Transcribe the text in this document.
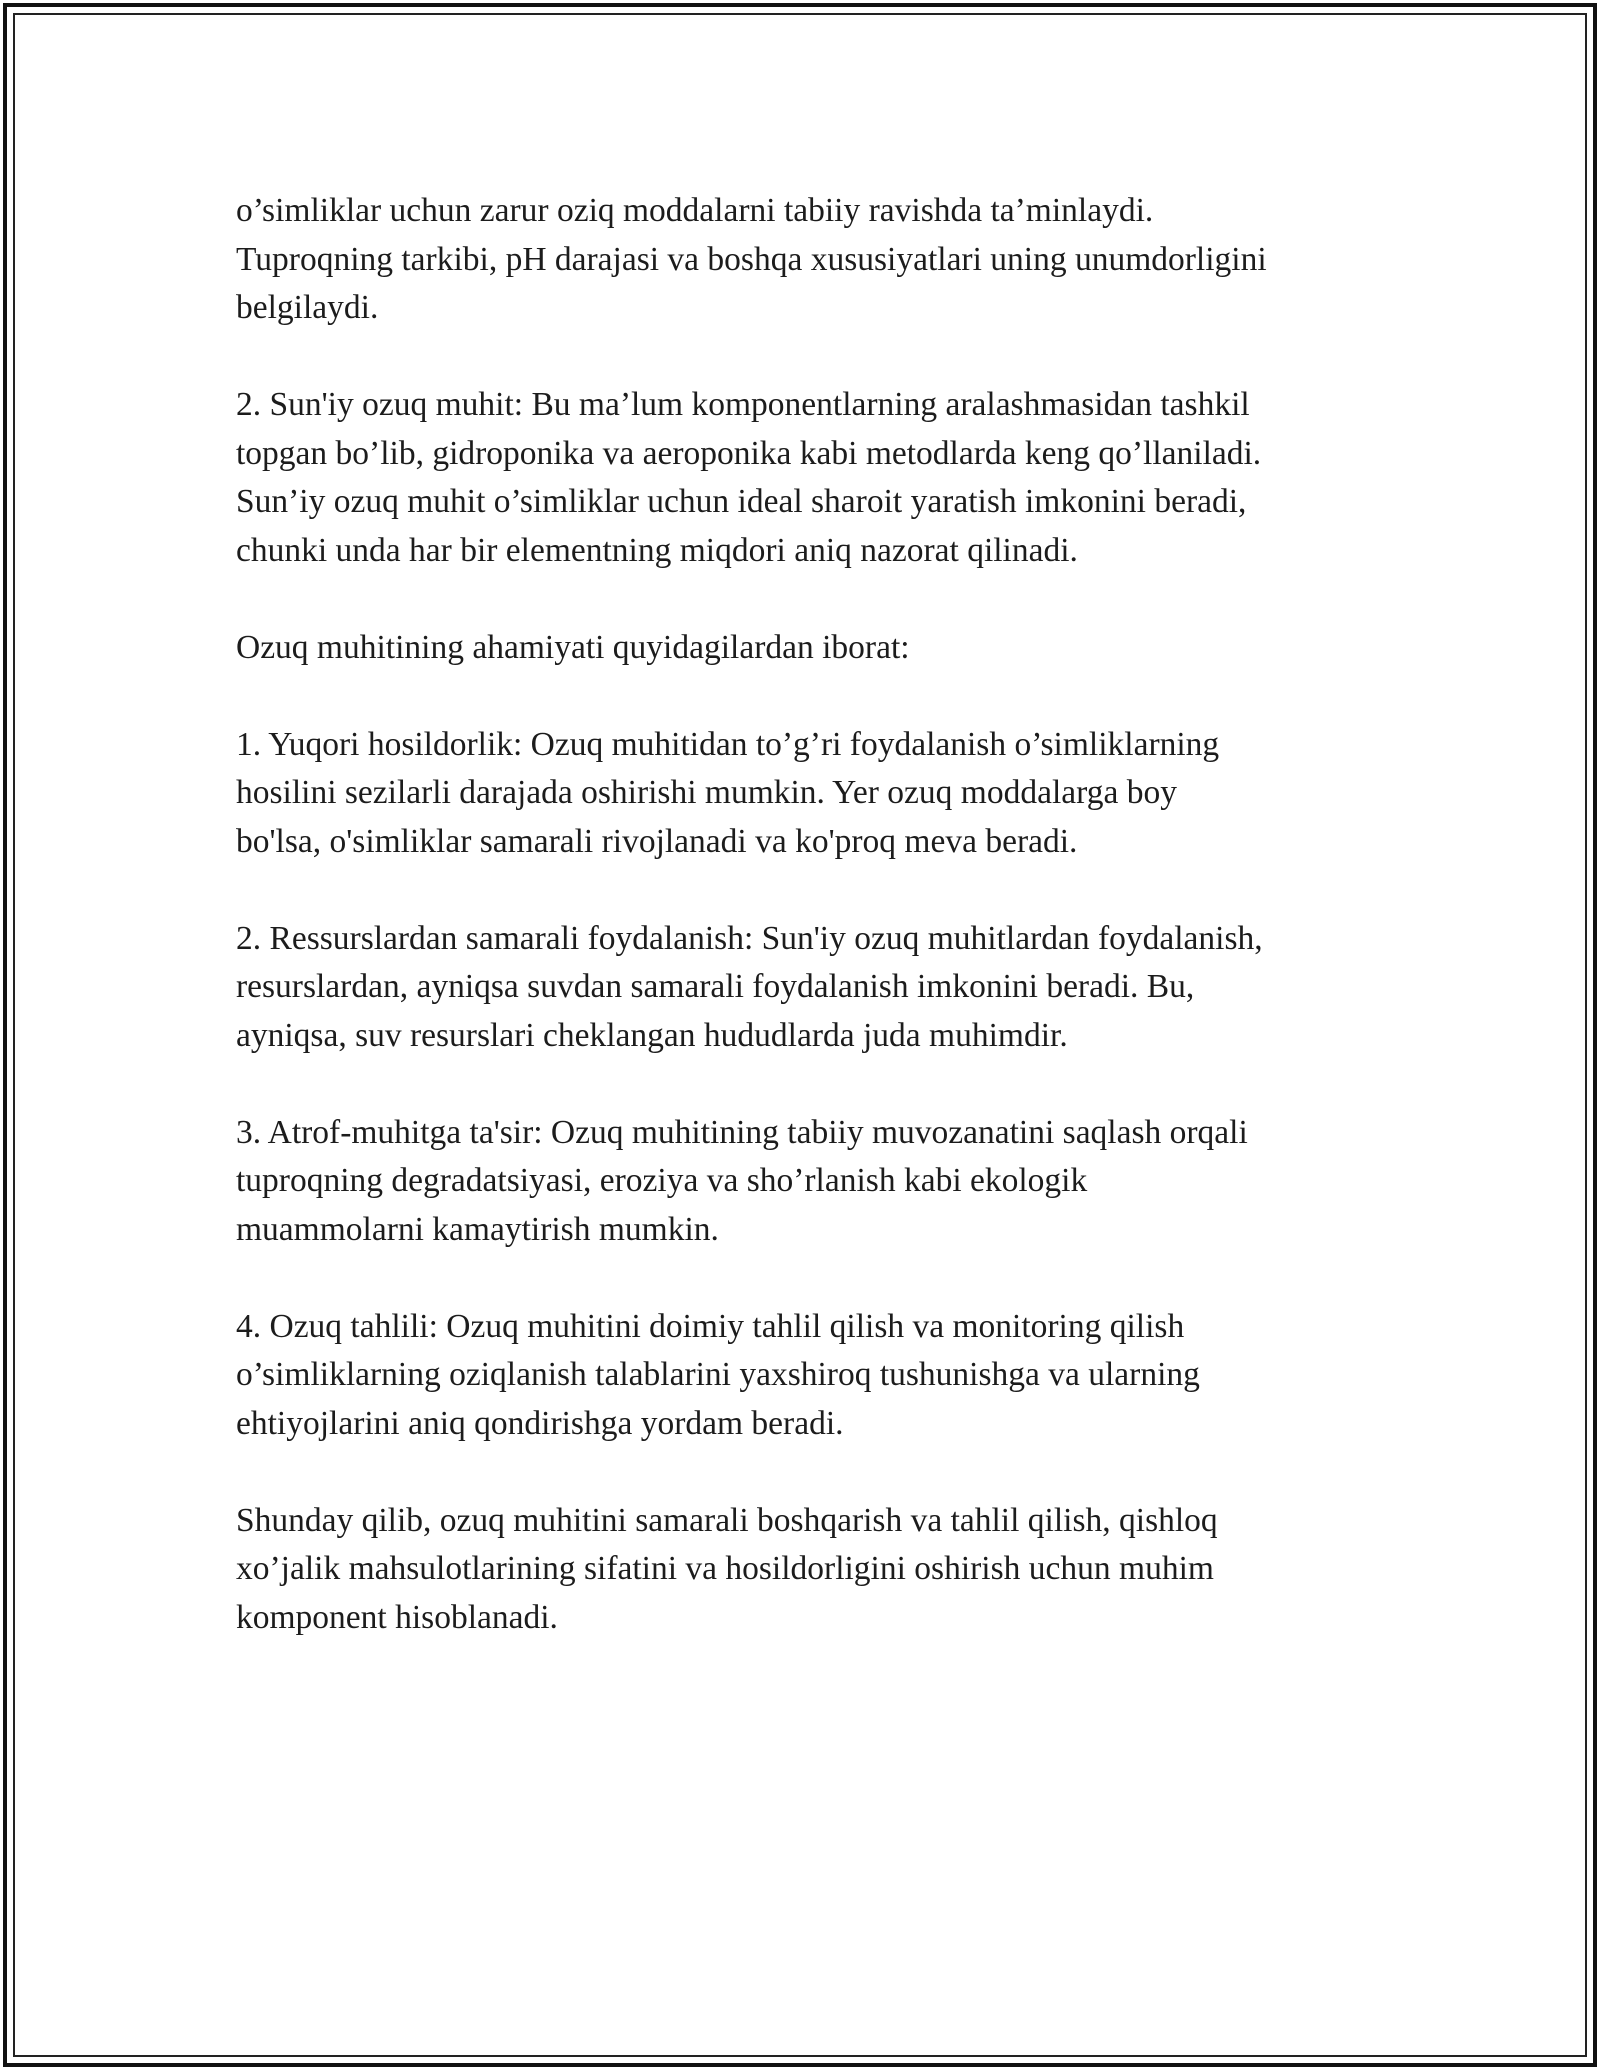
o’simliklar uchun zarur oziq moddalarni tabiiy ravishda ta’minlaydi.
Tuproqning tarkibi, pH darajasi va boshqa xususiyatlari uning unumdorligini
belgilaydi.

2. Sun'iy ozuq muhit: Bu ma’lum komponentlarning aralashmasidan tashkil
topgan bo’lib, gidroponika va aeroponika kabi metodlarda keng qo’llaniladi.
Sun’iy ozuq muhit o’simliklar uchun ideal sharoit yaratish imkonini beradi,
chunki unda har bir elementning miqdori aniq nazorat qilinadi.

Ozuq muhitining ahamiyati quyidagilardan iborat:

1. Yuqori hosildorlik: Ozuq muhitidan to’g’ri foydalanish o’simliklarning
hosilini sezilarli darajada oshirishi mumkin. Yer ozuq moddalarga boy
bo'lsa, o'simliklar samarali rivojlanadi va ko'proq meva beradi.

2. Ressurslardan samarali foydalanish: Sun'iy ozuq muhitlardan foydalanish,
resurslardan, ayniqsa suvdan samarali foydalanish imkonini beradi. Bu,
ayniqsa, suv resurslari cheklangan hududlarda juda muhimdir.

3. Atrof-muhitga ta'sir: Ozuq muhitining tabiiy muvozanatini saqlash orqali
tuproqning degradatsiyasi, eroziya va sho’rlanish kabi ekologik
muammolarni kamaytirish mumkin.

4. Ozuq tahlili: Ozuq muhitini doimiy tahlil qilish va monitoring qilish
o’simliklarning oziqlanish talablarini yaxshiroq tushunishga va ularning
ehtiyojlarini aniq qondirishga yordam beradi.

Shunday qilib, ozuq muhitini samarali boshqarish va tahlil qilish, qishloq
xo’jalik mahsulotlarining sifatini va hosildorligini oshirish uchun muhim
komponent hisoblanadi.
